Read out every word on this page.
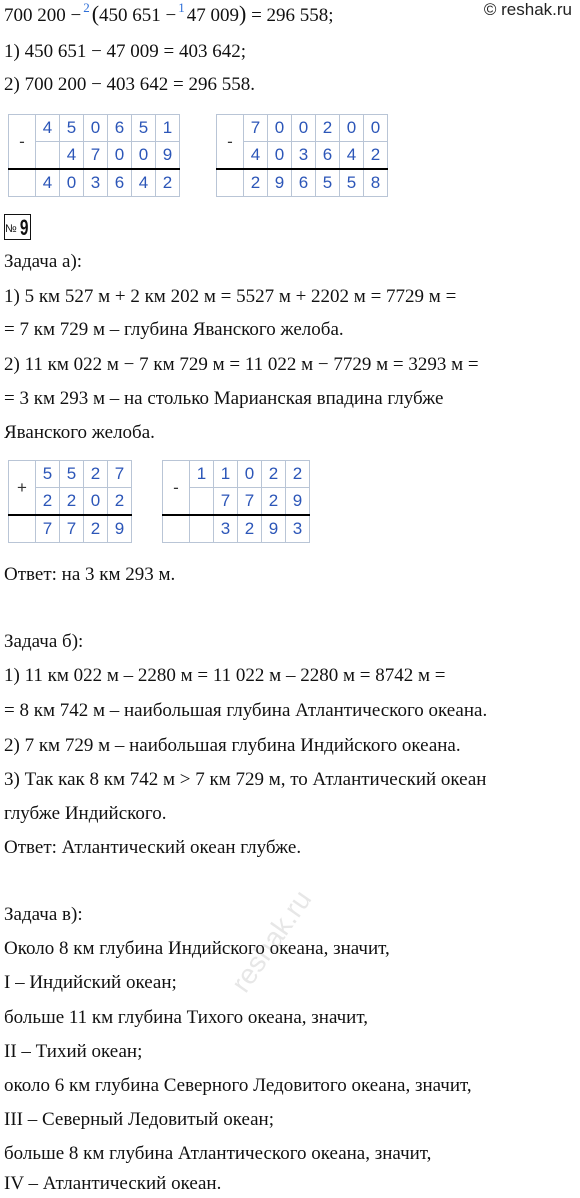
© reshak.ru
700 200 − $^2$(450 651 − $^1$ 47 009) = 296 558;
1) 450 651 − 47 009 = 403 642;
2) 700 200 − 403 642 = 296 558.
-	4	5	0	6	5	1
		4	7	0	0	9
	4	0	3	6	4	2
-	7	0	0	2	0	0
	4	0	3	6	4	2
	2	9	6	5	5	8
№ 9
Задача а):
1) 5 км 527 м + 2 км 202 м = 5527 м + 2202 м = 7729 м =
= 7 км 729 м – глубина Яванского желоба.
2) 11 км 022 м − 7 км 729 м = 11 022 м − 7729 м = 3293 м =
= 3 км 293 м – на столько Марианская впадина глубже
Яванского желоба.
+	5	5	2	7
	2	2	0	2
	7	7	2	9
-	1	1	0	2	2
		7	7	2	9
		3	2	9	3
Ответ: на 3 км 293 м.
Задача б):
1) 11 км 022 м – 2280 м = 11 022 м – 2280 м = 8742 м =
= 8 км 742 м – наибольшая глубина Атлантического океана.
2) 7 км 729 м – наибольшая глубина Индийского океана.
3) Так как 8 км 742 м > 7 км 729 м, то Атлантический океан
глубже Индийского.
Ответ: Атлантический океан глубже.
Задача в):
Около 8 км глубина Индийского океана, значит,
I – Индийский океан;
больше 11 км глубина Тихого океана, значит,
II – Тихий океан;
около 6 км глубина Северного Ледовитого океана, значит,
III – Северный Ледовитый океан;
больше 8 км глубина Атлантического океана, значит,
IV – Атлантический океан.
reshak.ru
